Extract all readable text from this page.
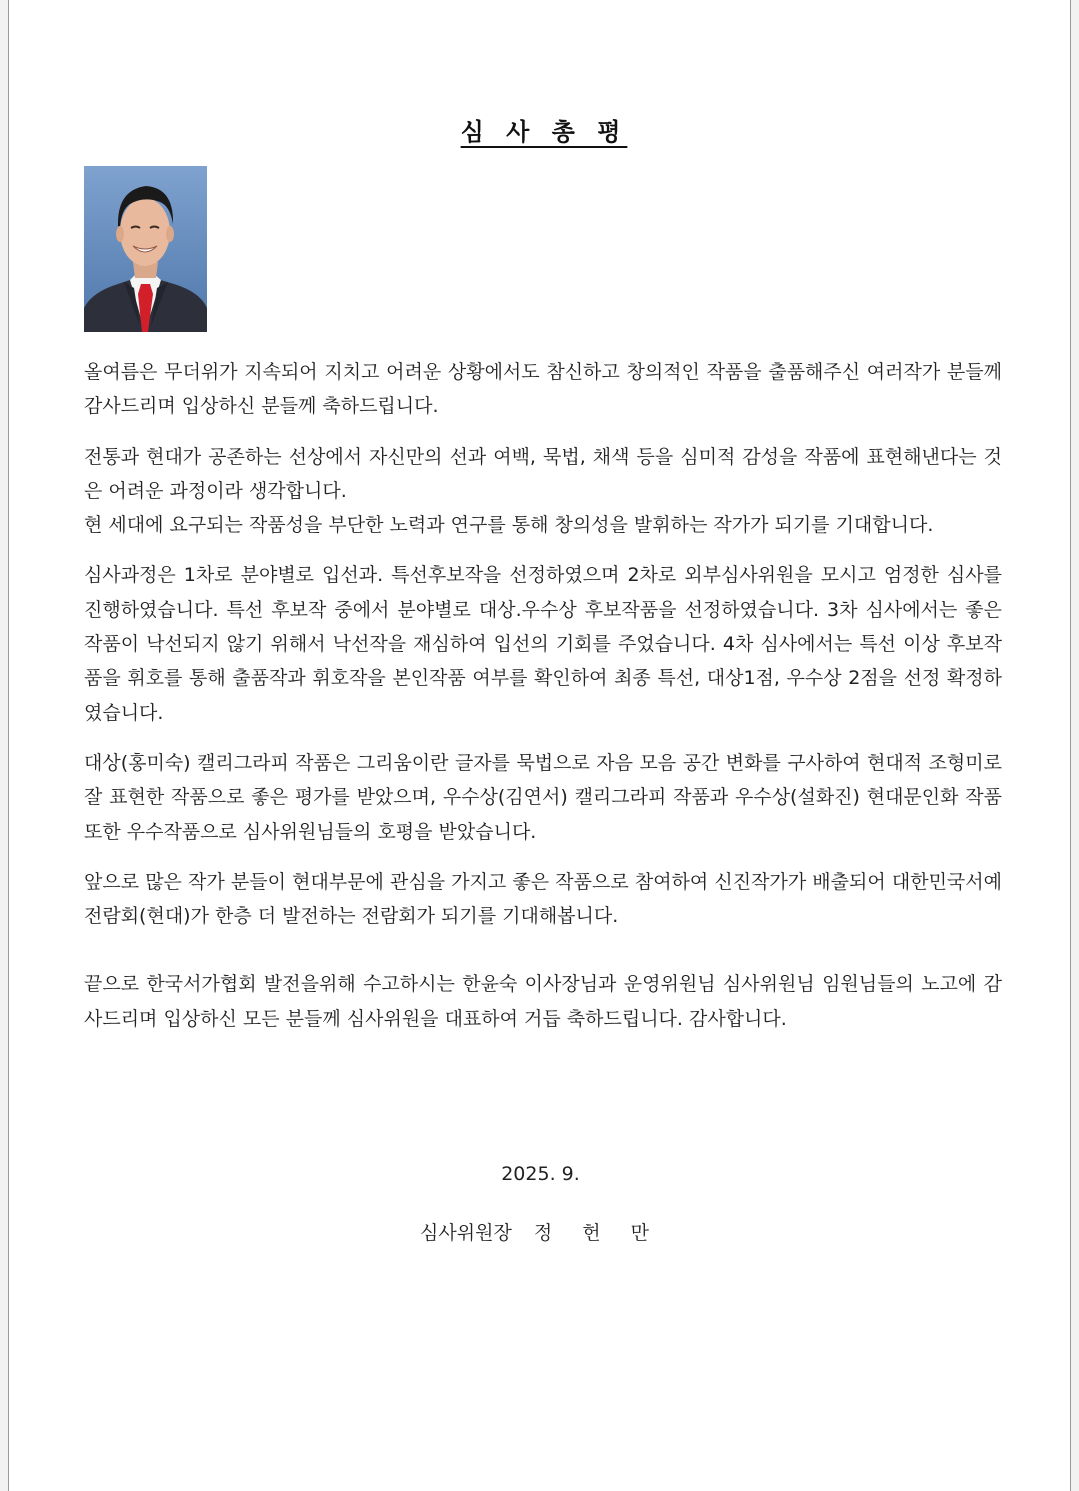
심 사 총 평

올여름은 무더위가 지속되어 지치고 어려운 상황에서도 참신하고 창의적인 작품을 출품해주신 여러작가 분들께 감사드리며 입상하신 분들께 축하드립니다.

전통과 현대가 공존하는 선상에서 자신만의 선과 여백, 묵법, 채색 등을 심미적 감성을 작품에 표현해낸다는 것은 어려운 과정이라 생각합니다.

현 세대에 요구되는 작품성을 부단한 노력과 연구를 통해 창의성을 발휘하는 작가가 되기를 기대합니다.

심사과정은 1차로 분야별로 입선과. 특선후보작을 선정하였으며 2차로 외부심사위원을 모시고 엄정한 심사를 진행하였습니다. 특선 후보작 중에서 분야별로 대상.우수상 후보작품을 선정하였습니다. 3차 심사에서는 좋은 작품이 낙선되지 않기 위해서 낙선작을 재심하여 입선의 기회를 주었습니다. 4차 심사에서는 특선 이상 후보작품을 휘호를 통해 출품작과 휘호작을 본인작품 여부를 확인하여 최종 특선, 대상1점, 우수상 2점을 선정 확정하였습니다.

대상(홍미숙) 캘리그라피 작품은 그리움이란 글자를 묵법으로 자음 모음 공간 변화를 구사하여 현대적 조형미로 잘 표현한 작품으로 좋은 평가를 받았으며, 우수상(김연서) 캘리그라피 작품과 우수상(설화진) 현대문인화 작품 또한 우수작품으로 심사위원님들의 호평을 받았습니다.

앞으로 많은 작가 분들이 현대부문에 관심을 가지고 좋은 작품으로 참여하여 신진작가가 배출되어 대한민국서예전람회(현대)가 한층 더 발전하는 전람회가 되기를 기대해봅니다.

끝으로 한국서가협회 발전을위해 수고하시는 한윤숙 이사장님과 운영위원님 심사위원님 임원님들의 노고에 감사드리며 입상하신 모든 분들께 심사위원을 대표하여 거듭 축하드립니다. 감사합니다.

2025. 9.
심사위원장 정 헌 만
